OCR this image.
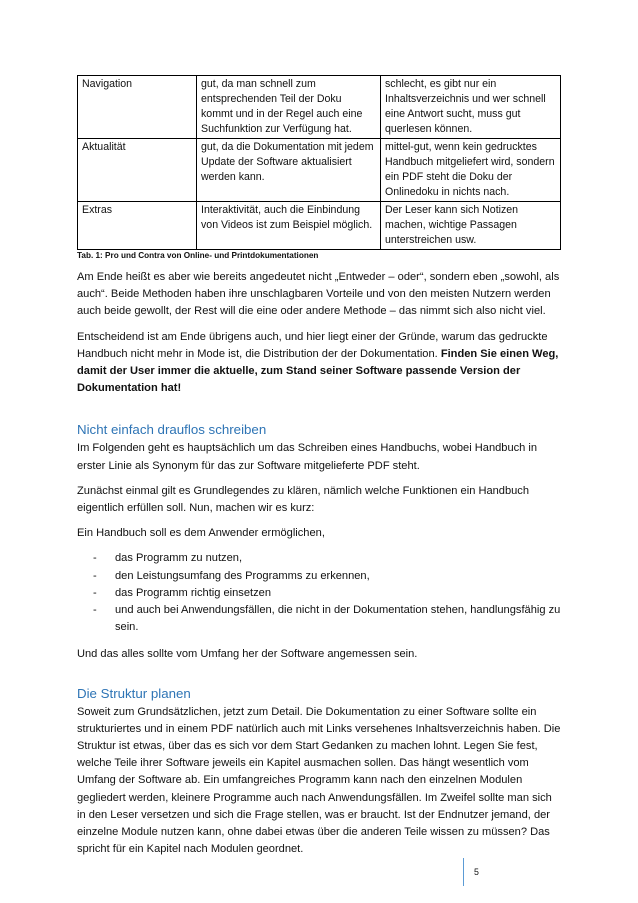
Navigation	gut, da man schnell zum entsprechenden Teil der Doku kommt und in der Regel auch eine Suchfunktion zur Verfügung hat.	schlecht, es gibt nur ein Inhaltsverzeichnis und wer schnell eine Antwort sucht, muss gut querlesen können.
Aktualität	gut, da die Dokumentation mit jedem Update der Software aktualisiert werden kann.	mittel-gut, wenn kein gedrucktes Handbuch mitgeliefert wird, sondern ein PDF steht die Doku der Onlinedoku in nichts nach.
Extras	Interaktivität, auch die Einbindung von Videos ist zum Beispiel möglich.	Der Leser kann sich Notizen machen, wichtige Passagen unterstreichen usw.
Tab. 1: Pro und Contra von Online- und Printdokumentationen

Am Ende heißt es aber wie bereits angedeutet nicht „Entweder – oder“, sondern eben „sowohl, als auch“. Beide Methoden haben ihre unschlagbaren Vorteile und von den meisten Nutzern werden auch beide gewollt, der Rest will die eine oder andere Methode – das nimmt sich also nicht viel.

Entscheidend ist am Ende übrigens auch, und hier liegt einer der Gründe, warum das gedruckte Handbuch nicht mehr in Mode ist, die Distribution der der Dokumentation. Finden Sie einen Weg, damit der User immer die aktuelle, zum Stand seiner Software passende Version der Dokumentation hat!

Nicht einfach drauflos schreiben

Im Folgenden geht es hauptsächlich um das Schreiben eines Handbuchs, wobei Handbuch in erster Linie als Synonym für das zur Software mitgelieferte PDF steht.

Zunächst einmal gilt es Grundlegendes zu klären, nämlich welche Funktionen ein Handbuch eigentlich erfüllen soll. Nun, machen wir es kurz:

Ein Handbuch soll es dem Anwender ermöglichen,

- das Programm zu nutzen,
- den Leistungsumfang des Programms zu erkennen,
- das Programm richtig einsetzen
- und auch bei Anwendungsfällen, die nicht in der Dokumentation stehen, handlungsfähig zu sein.

Und das alles sollte vom Umfang her der Software angemessen sein.

Die Struktur planen

Soweit zum Grundsätzlichen, jetzt zum Detail. Die Dokumentation zu einer Software sollte ein strukturiertes und in einem PDF natürlich auch mit Links versehenes Inhaltsverzeichnis haben. Die Struktur ist etwas, über das es sich vor dem Start Gedanken zu machen lohnt. Legen Sie fest, welche Teile ihrer Software jeweils ein Kapitel ausmachen sollen. Das hängt wesentlich vom Umfang der Software ab. Ein umfangreiches Programm kann nach den einzelnen Modulen gegliedert werden, kleinere Programme auch nach Anwendungsfällen. Im Zweifel sollte man sich in den Leser versetzen und sich die Frage stellen, was er braucht. Ist der Endnutzer jemand, der einzelne Module nutzen kann, ohne dabei etwas über die anderen Teile wissen zu müssen? Das spricht für ein Kapitel nach Modulen geordnet.

5
